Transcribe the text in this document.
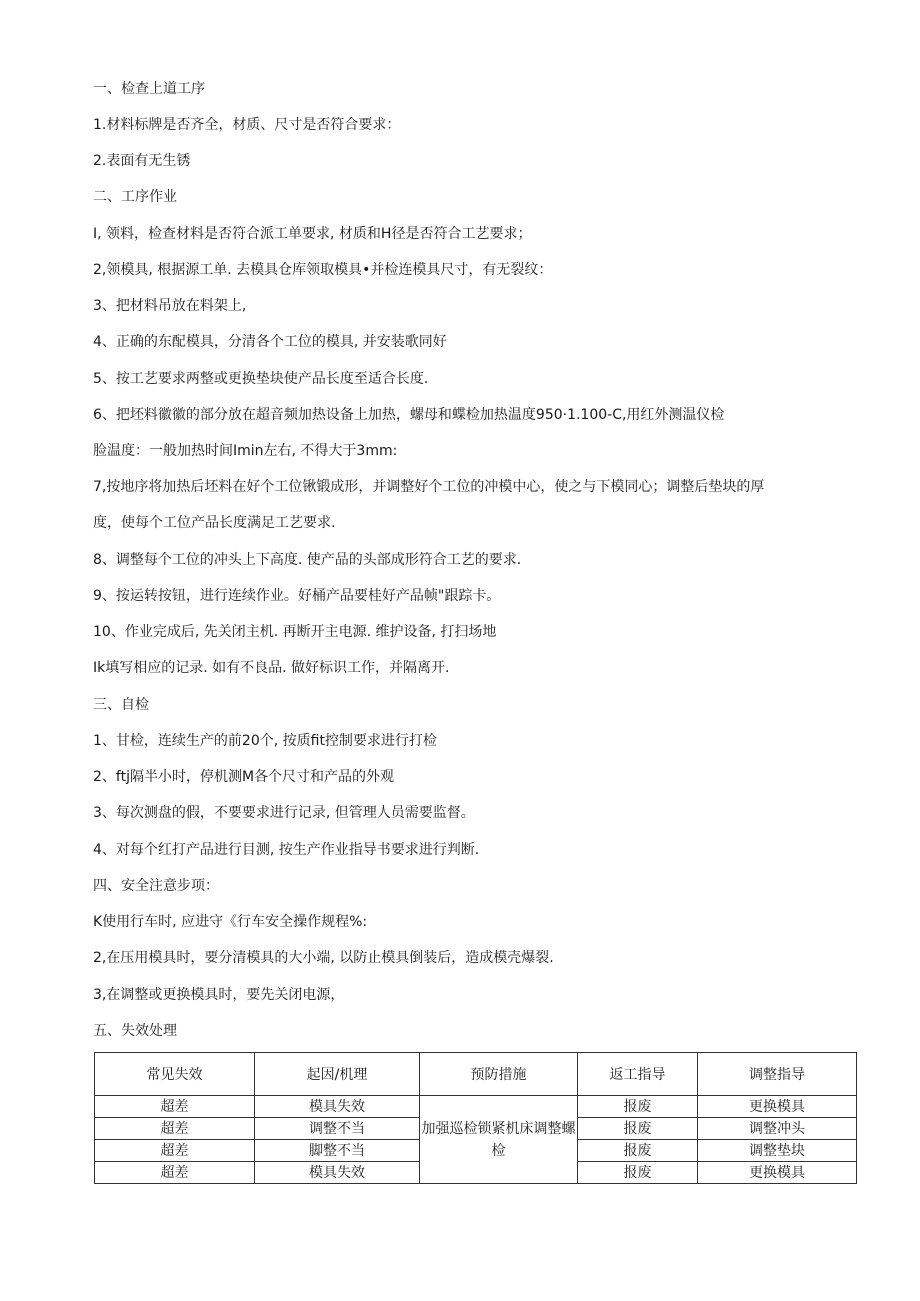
一、检查上道工序
1.材料标牌是否齐全，材质、尺寸是否符合要求：
2.表面有无生锈
二、工序作业
I, 领料，检查材料是否符合派工单要求, 材质和H径是否符合工艺要求；
2,领模具, 根据源工单. 去模具仓库领取模具•并检连模具尺寸，有无裂纹：
3、把材料吊放在料架上,
4、正确的东配模具，分清各个工位的模具, 并安装歌同好
5、按工艺要求两整或更换垫块使产品长度至适合长度.
6、把坯料徽徽的部分放在超音频加热设备上加热，螺母和蝶检加热温度950·1.100-C,用红外测温仪检
脸温度：一般加热时间Imin左右, 不得大于3mm:
7,按地序将加热后坯料在好个工位锹锻成形，并调整好个工位的冲模中心，使之与下模同心；调整后垫块的厚
度，使每个工位产品长度满足工艺要求.
8、调整每个工位的冲头上下高度. 使产品的头部成形符合工艺的要求.
9、按运转按钮，进行连续作业。好桶产品要桂好产品帧"跟踪卡。
10、作业完成后, 先关闭主机. 再断开主电源. 维护设备, 打扫场地
Ik填写相应的记录. 如有不良品. 做好标识工作，并隔离开.
三、自检
1、甘检，连续生产的前20个, 按质fit控制要求进行打检
2、ftj隔半小时，停机测M各个尺寸和产品的外观
3、每次测盘的假，不要要求进行记录, 但管理人员需要监督。
4、对每个红打产品进行目测, 按生产作业指导书要求进行判断.
四、安全注意步项：
K使用行车时, 应进守《行车安全操作规程%:
2,在压用模具时，要分清模具的大小端, 以防止模具倒装后，造成模壳爆裂.
3,在调整或更换模具时，要先关闭电源，
五、失效处理
常见失效	起因/机理	预防措施	返工指导	调整指导
超差	模具失效	加强巡检锁紧机床调整螺检	报废	更换模具
超差	调整不当		报废	调整冲头
超差	脚整不当		报废	调整垫块
超差	模具失效		报废	更换模具
